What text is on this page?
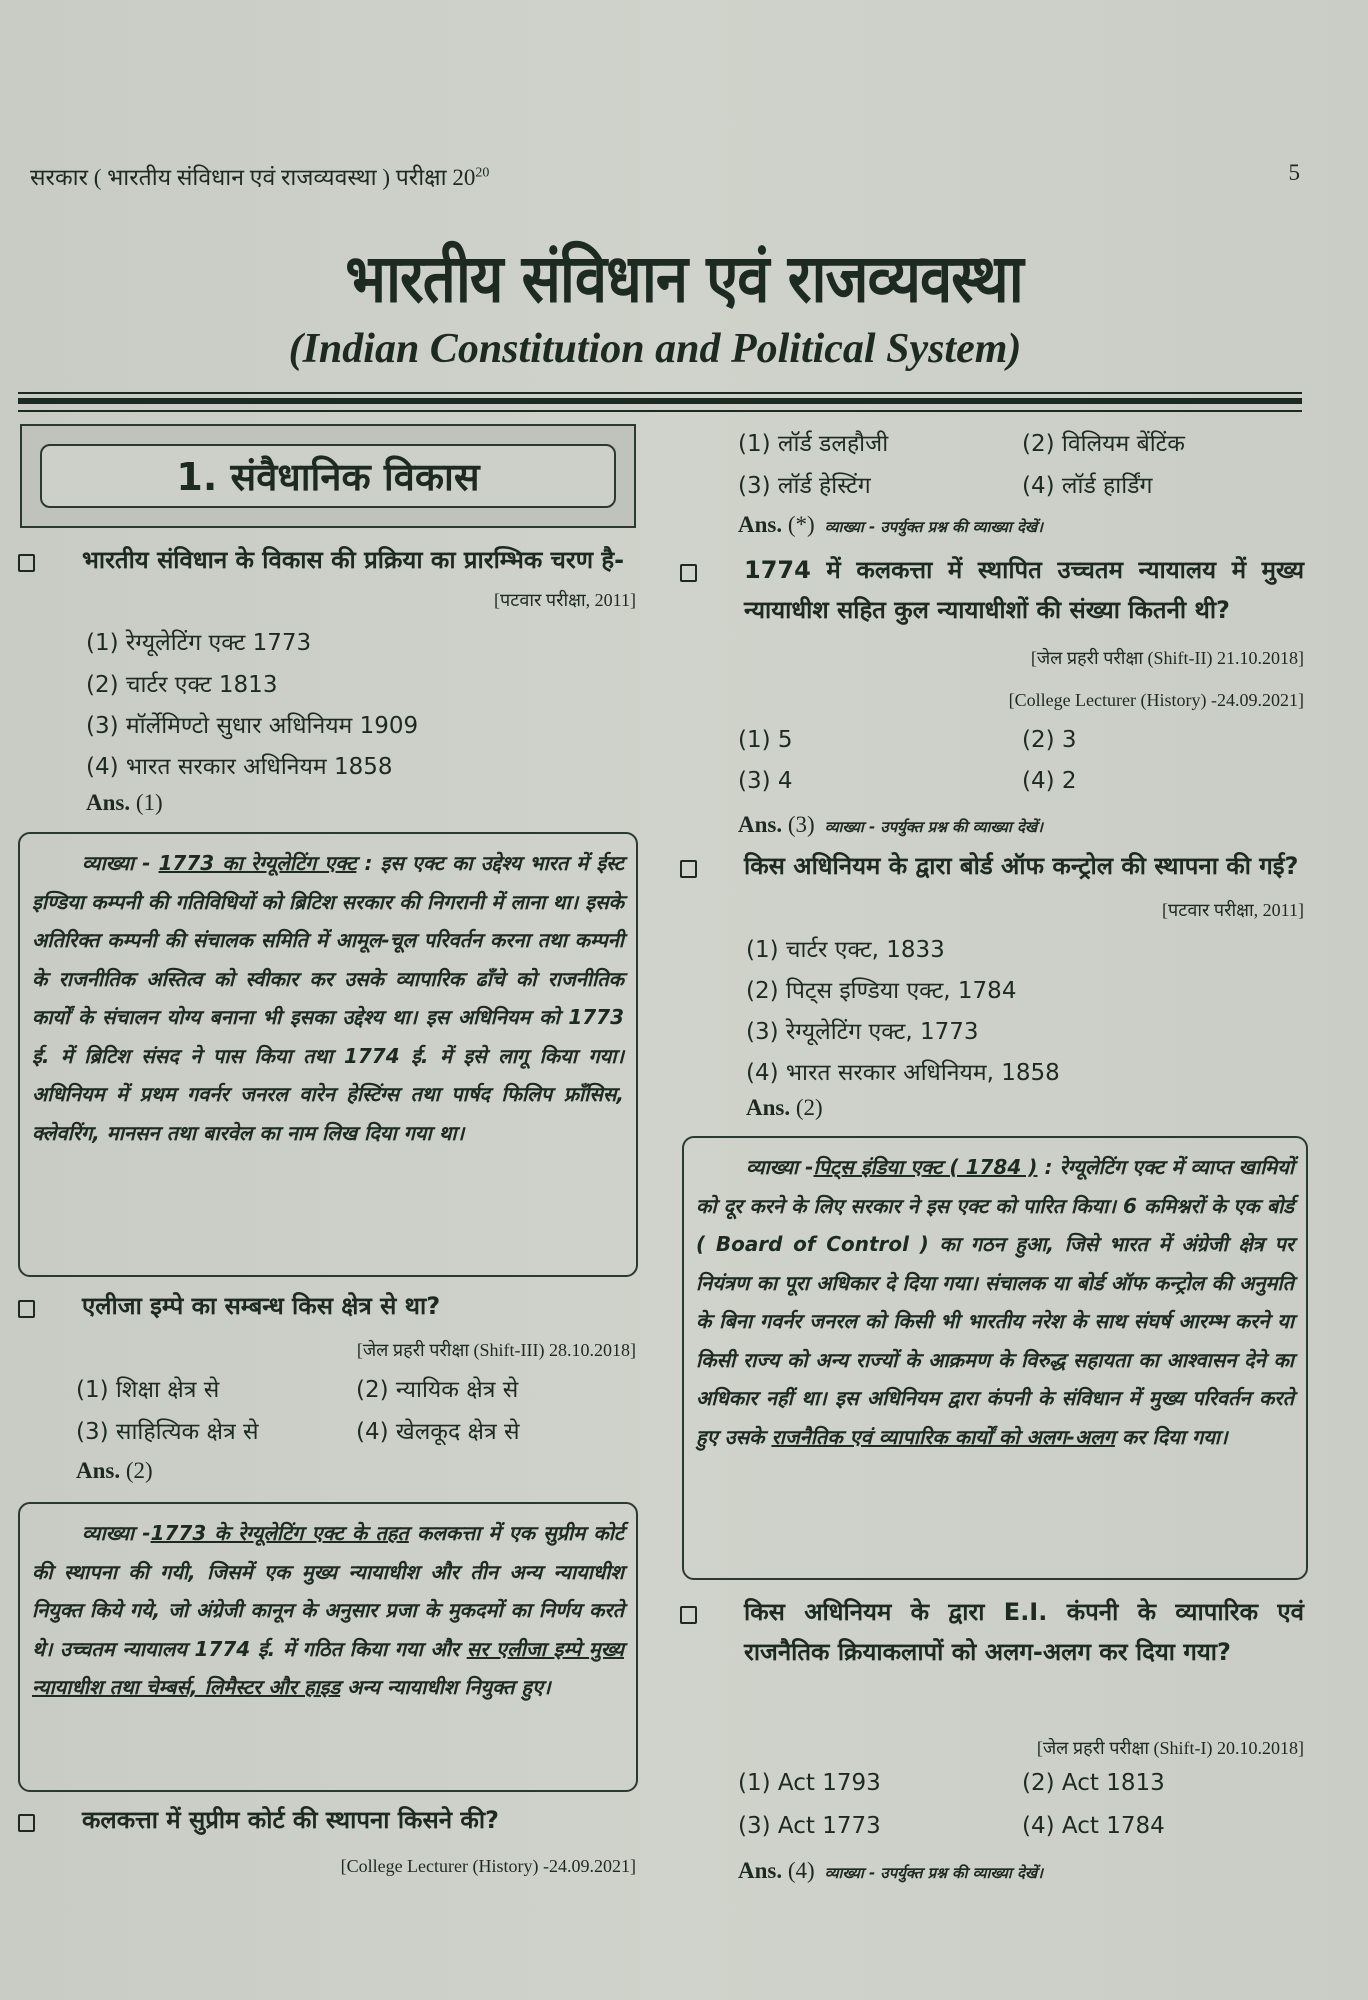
सरकार ( भारतीय संविधान एवं राजव्यवस्था ) परीक्षा $20^{20}$	5
भारतीय संविधान एवं राजव्यवस्था
(Indian Constitution and Political System)
1. संवैधानिक विकास
भारतीय संविधान के विकास की प्रक्रिया का प्रारम्भिक चरण है-
[पटवार परीक्षा, 2011]
(1) रेग्यूलेटिंग एक्ट 1773
(2) चार्टर एक्ट 1813
(3) मॉर्लेमिण्टो सुधार अधिनियम 1909
(4) भारत सरकार अधिनियम 1858
Ans. (1)
व्याख्या - 1773 का रेग्यूलेटिंग एक्ट : इस एक्ट का उद्देश्य भारत में ईस्ट इण्डिया कम्पनी की गतिविधियों को ब्रिटिश सरकार की निगरानी में लाना था। इसके अतिरिक्त कम्पनी की संचालक समिति में आमूल-चूल परिवर्तन करना तथा कम्पनी के राजनीतिक अस्तित्व को स्वीकार कर उसके व्यापारिक ढाँचे को राजनीतिक कार्यों के संचालन योग्य बनाना भी इसका उद्देश्य था। इस अधिनियम को 1773 ई. में ब्रिटिश संसद ने पास किया तथा 1774 ई. में इसे लागू किया गया। अधिनियम में प्रथम गवर्नर जनरल वारेन हेस्टिंग्स तथा पार्षद फिलिप फ्राँसिस, क्लेवरिंग, मानसन तथा बारवेल का नाम लिख दिया गया था।
एलीजा इम्पे का सम्बन्ध किस क्षेत्र से था?
[जेल प्रहरी परीक्षा (Shift-III) 28.10.2018]
(1) शिक्षा क्षेत्र से	(2) न्यायिक क्षेत्र से
(3) साहित्यिक क्षेत्र से	(4) खेलकूद क्षेत्र से
Ans. (2)
व्याख्या -1773 के रेग्यूलेटिंग एक्ट के तहत कलकत्ता में एक सुप्रीम कोर्ट की स्थापना की गयी, जिसमें एक मुख्य न्यायाधीश और तीन अन्य न्यायाधीश नियुक्त किये गये, जो अंग्रेजी कानून के अनुसार प्रजा के मुकदमों का निर्णय करते थे। उच्चतम न्यायालय 1774 ई. में गठित किया गया और सर एलीजा इम्पे मुख्य न्यायाधीश तथा चेम्बर्स, लिमैस्टर और हाइड अन्य न्यायाधीश नियुक्त हुए।
कलकत्ता में सुप्रीम कोर्ट की स्थापना किसने की?
[College Lecturer (History) -24.09.2021]
(1) लॉर्ड डलहौजी	(2) विलियम बेंटिंक
(3) लॉर्ड हेस्टिंग	(4) लॉर्ड हार्डिंग
Ans. (*) व्याख्या - उपर्युक्त प्रश्न की व्याख्या देखें।
1774 में कलकत्ता में स्थापित उच्चतम न्यायालय में मुख्य न्यायाधीश सहित कुल न्यायाधीशों की संख्या कितनी थी?
[जेल प्रहरी परीक्षा (Shift-II) 21.10.2018]
[College Lecturer (History) -24.09.2021]
(1) 5	(2) 3
(3) 4	(4) 2
Ans. (3) व्याख्या - उपर्युक्त प्रश्न की व्याख्या देखें।
किस अधिनियम के द्वारा बोर्ड ऑफ कन्ट्रोल की स्थापना की गई?
[पटवार परीक्षा, 2011]
(1) चार्टर एक्ट, 1833
(2) पिट्स इण्डिया एक्ट, 1784
(3) रेग्यूलेटिंग एक्ट, 1773
(4) भारत सरकार अधिनियम, 1858
Ans. (2)
व्याख्या -पिट्स इंडिया एक्ट ( 1784 ) : रेग्यूलेटिंग एक्ट में व्याप्त खामियों को दूर करने के लिए सरकार ने इस एक्ट को पारित किया। 6 कमिश्नरों के एक बोर्ड ( Board of Control ) का गठन हुआ, जिसे भारत में अंग्रेजी क्षेत्र पर नियंत्रण का पूरा अधिकार दे दिया गया। संचालक या बोर्ड ऑफ कन्ट्रोल की अनुमति के बिना गवर्नर जनरल को किसी भी भारतीय नरेश के साथ संघर्ष आरम्भ करने या किसी राज्य को अन्य राज्यों के आक्रमण के विरुद्ध सहायता का आश्वासन देने का अधिकार नहीं था। इस अधिनियम द्वारा कंपनी के संविधान में मुख्य परिवर्तन करते हुए उसके राजनैतिक एवं व्यापारिक कार्यों को अलग-अलग कर दिया गया।
किस अधिनियम के द्वारा E.I. कंपनी के व्यापारिक एवं राजनैतिक क्रियाकलापों को अलग-अलग कर दिया गया?
[जेल प्रहरी परीक्षा (Shift-I) 20.10.2018]
(1) Act 1793	(2) Act 1813
(3) Act 1773	(4) Act 1784
Ans. (4) व्याख्या - उपर्युक्त प्रश्न की व्याख्या देखें।
